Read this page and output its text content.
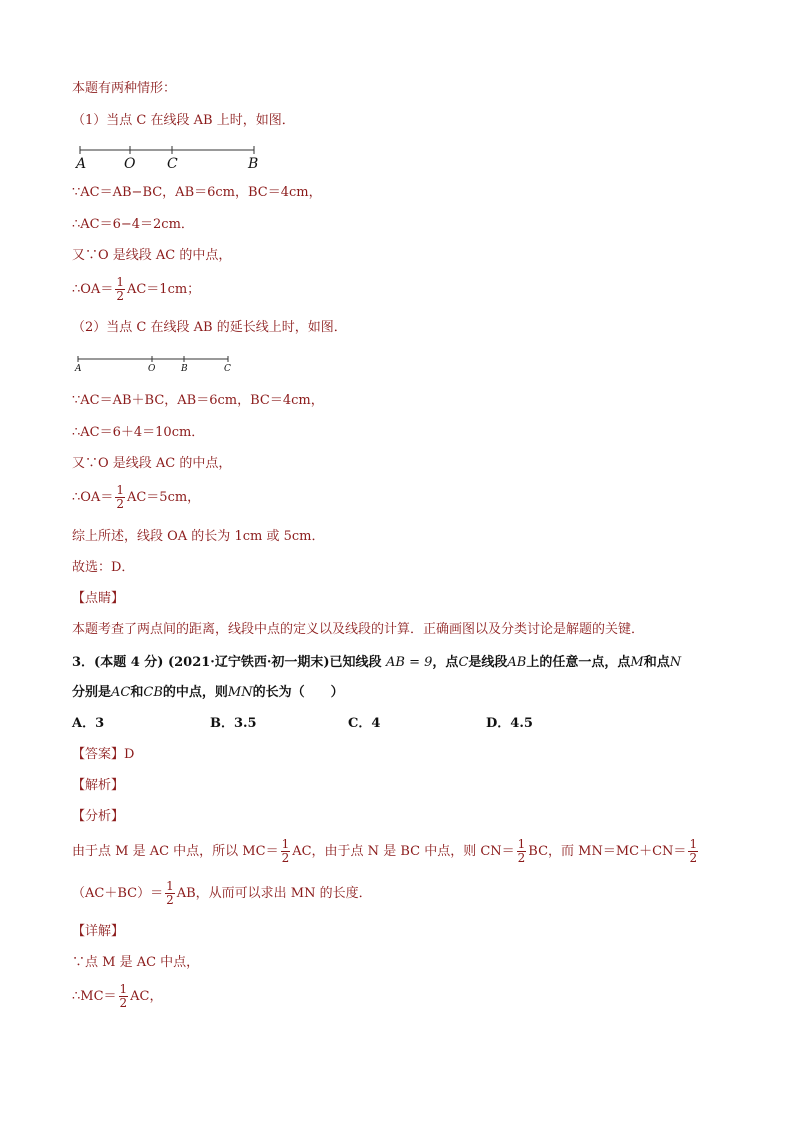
本题有两种情形：
（1）当点 C 在线段 AB 上时，如图．
A	O C	B
∵AC＝AB−BC，AB＝6cm，BC＝4cm，
∴AC＝6−4＝2cm．
又∵O 是线段 AC 的中点，
∴OA＝ $\frac{1}{2} AC=1cm$；
（2）当点 C 在线段 AB 的延长线上时，如图．
A	O	B	C
∵AC＝AB＋BC，AB＝6cm，BC＝4cm，
∴AC＝6＋4＝10cm．
又∵O 是线段 AC 的中点，
∴OA＝ $\frac{1}{2} AC=5cm$，
综上所述，线段 OA 的长为 1cm 或 5cm．
故选：D．
【点睛】
本题考查了两点间的距离，线段中点的定义以及线段的计算．正确画图以及分类讨论是解题的关键．
3．(本题 4 分) (2021·辽宁铁西·初一期末)已知线段 AB = 9，点C是线段AB上的任意一点，点M和点N
分别是AC和CB的中点，则MN的长为（　　）
A．3	B．3.5	C．4	D．4.5
【答案】D
【解析】
【分析】
由于点 M 是 AC 中点，所以 $MC= \frac{1}{2}$ AC，由于点 N 是 BC 中点，则 $CN= \frac{1}{2}$ BC，而 $MN=MC+CN= \frac{1}{2}$
$(AC+BC)= \frac{1}{2}$ AB，从而可以求出 MN 的长度．
【详解】
∵点 M 是 AC 中点，
∴MC＝ $\frac{1}{2}$ AC，
